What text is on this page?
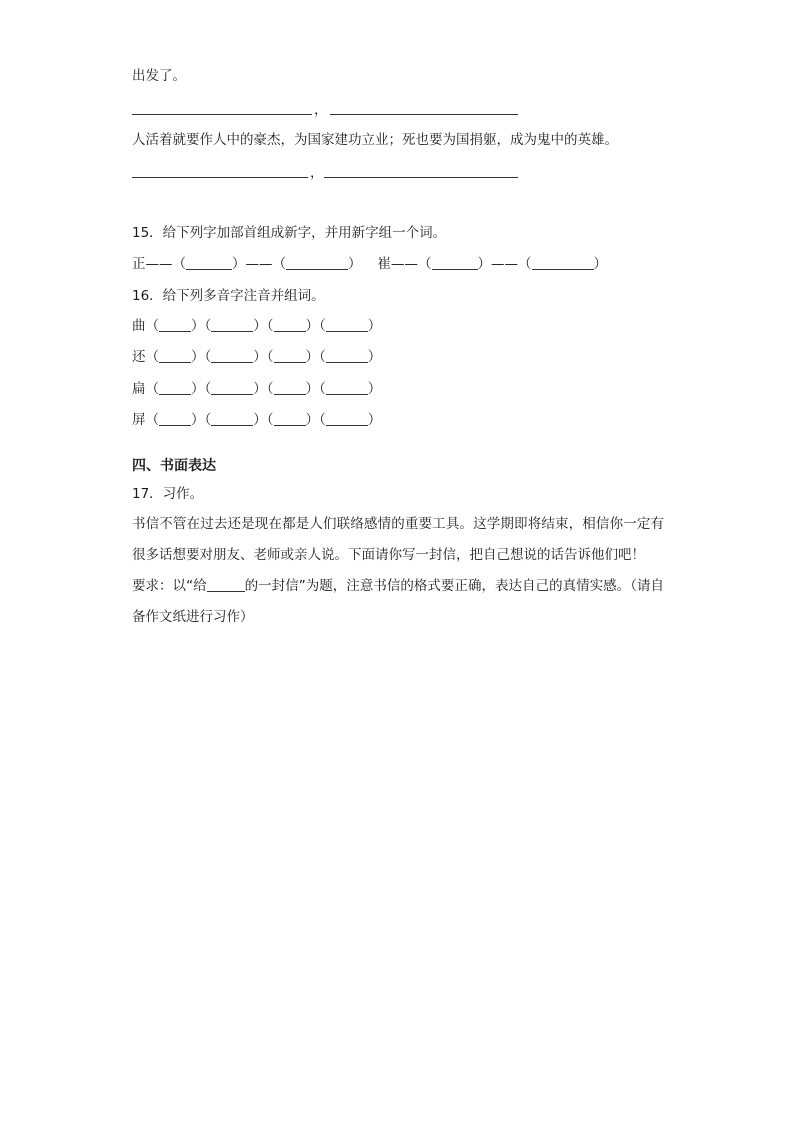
出发了。
，
人活着就要作人中的豪杰，为国家建功立业；死也要为国捐躯，成为鬼中的英雄。
，
15．给下列字加部首组成新字，并用新字组一个词。
正——（	）——（	） 崔——（	）——（	）
16．给下列多音字注音并组词。
曲（ ）（	）（ ）（	）
还（ ）（	）（ ）（	）
扁（ ）（	）（ ）（	）
屏（ ）（	）（ ）（	）
四、书面表达
17．习作。

书信不管在过去还是现在都是人们联络感情的重要工具。这学期即将结束，相信你一定有很多话想要对朋友、老师或亲人说。下面请你写一封信，把自己想说的话告诉他们吧！

要求：以“给	的一封信”为题，注意书信的格式要正确，表达自己的真情实感。（请自备作文纸进行习作）
